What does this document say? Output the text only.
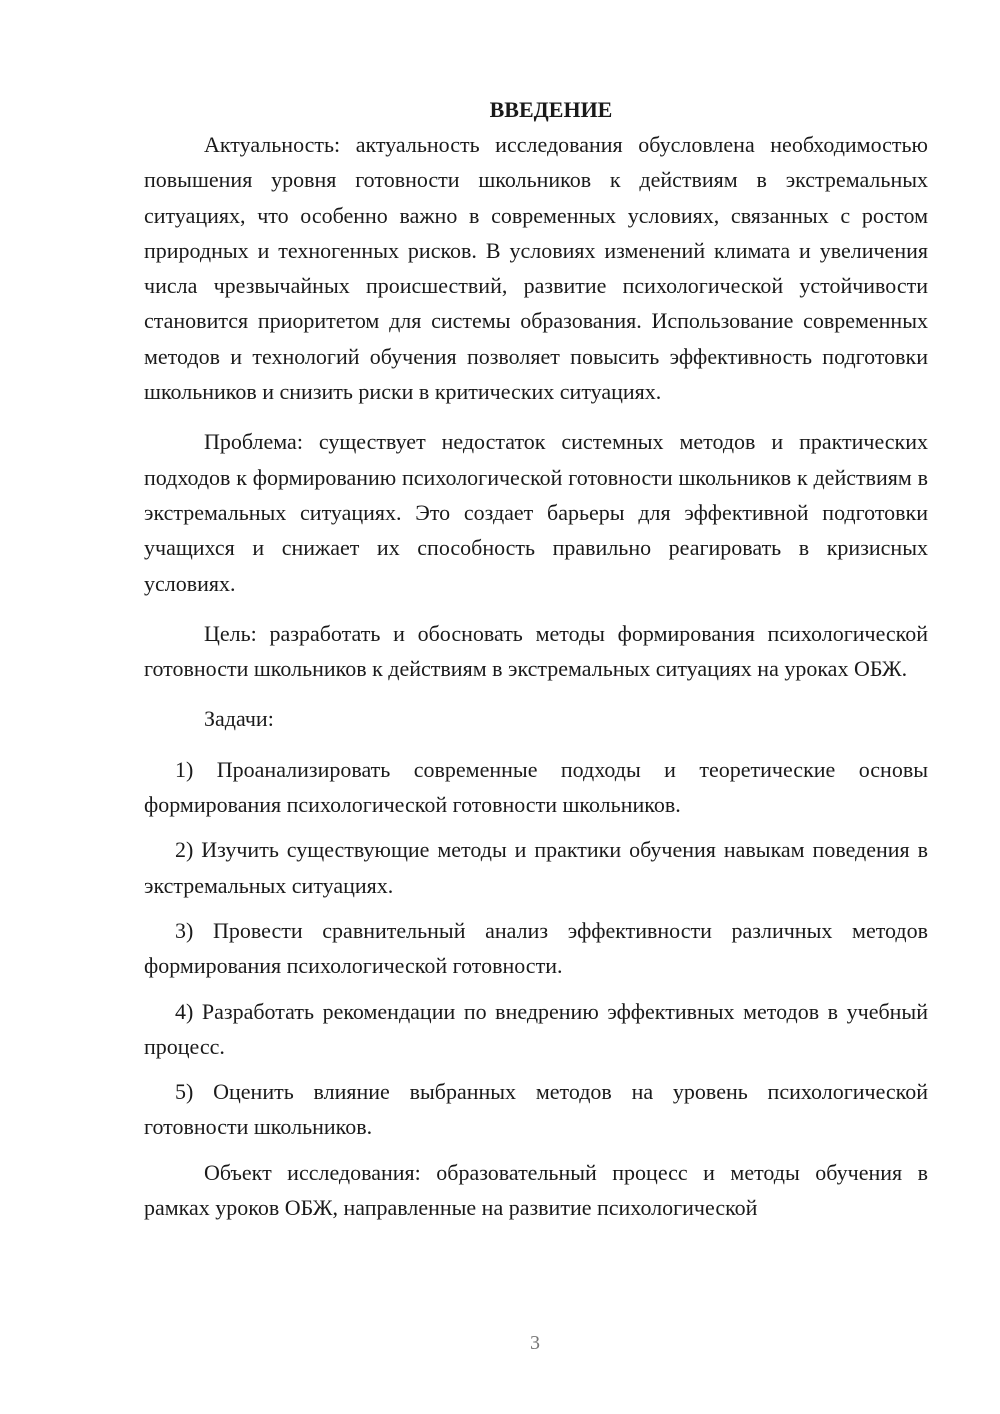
ВВЕДЕНИЕ

Актуальность: актуальность исследования обусловлена необходимостью повышения уровня готовности школьников к действиям в экстремальных ситуациях, что особенно важно в современных условиях, связанных с ростом природных и техногенных рисков. В условиях изменений климата и увеличения числа чрезвычайных происшествий, развитие психологической устойчивости становится приоритетом для системы образования. Использование современных методов и технологий обучения позволяет повысить эффективность подготовки школьников и снизить риски в критических ситуациях.

Проблема: существует недостаток системных методов и практических подходов к формированию психологической готовности школьников к действиям в экстремальных ситуациях. Это создает барьеры для эффективной подготовки учащихся и снижает их способность правильно реагировать в кризисных условиях.

Цель: разработать и обосновать методы формирования психологической готовности школьников к действиям в экстремальных ситуациях на уроках ОБЖ.

Задачи:

1) Проанализировать современные подходы и теоретические основы формирования психологической готовности школьников.

2) Изучить существующие методы и практики обучения навыкам поведения в экстремальных ситуациях.

3) Провести сравнительный анализ эффективности различных методов формирования психологической готовности.

4) Разработать рекомендации по внедрению эффективных методов в учебный процесс.

5) Оценить влияние выбранных методов на уровень психологической готовности школьников.

Объект исследования: образовательный процесс и методы обучения в рамках уроков ОБЖ, направленные на развитие психологической

3
